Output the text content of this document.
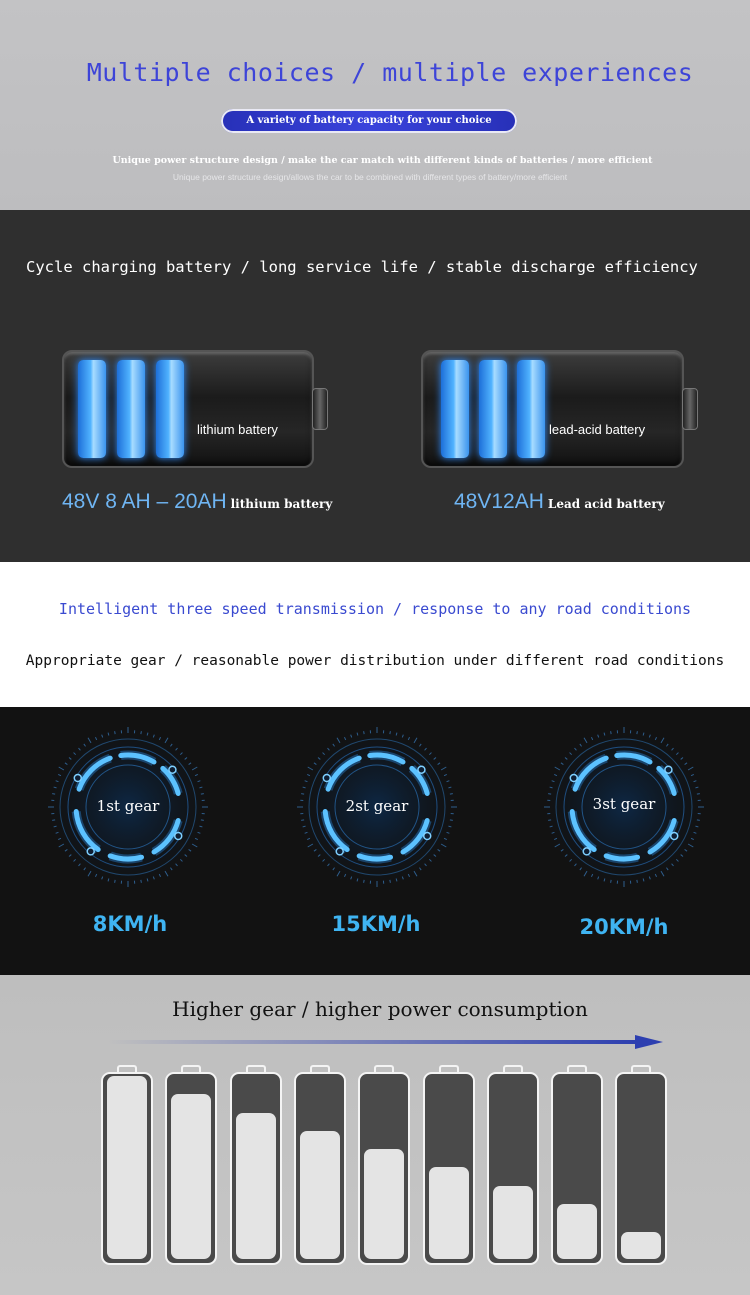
Multiple choices / multiple experiences
A variety of battery capacity for your choice
Unique power structure design / make the car match with different kinds of batteries / more efficient
Unique power structure design/allows the car to be combined with different types of battery/more efficient
Cycle charging battery / long service life / stable discharge efficiency
lithium battery
48V 8 AH – 20AH lithium battery
lead-acid battery
48V12AH Lead acid battery
Intelligent three speed transmission / response to any road conditions
Appropriate gear / reasonable power distribution under different road conditions
1st gear
8KM/h
2st gear
15KM/h
3st gear
20KM/h
Higher gear / higher power consumption
